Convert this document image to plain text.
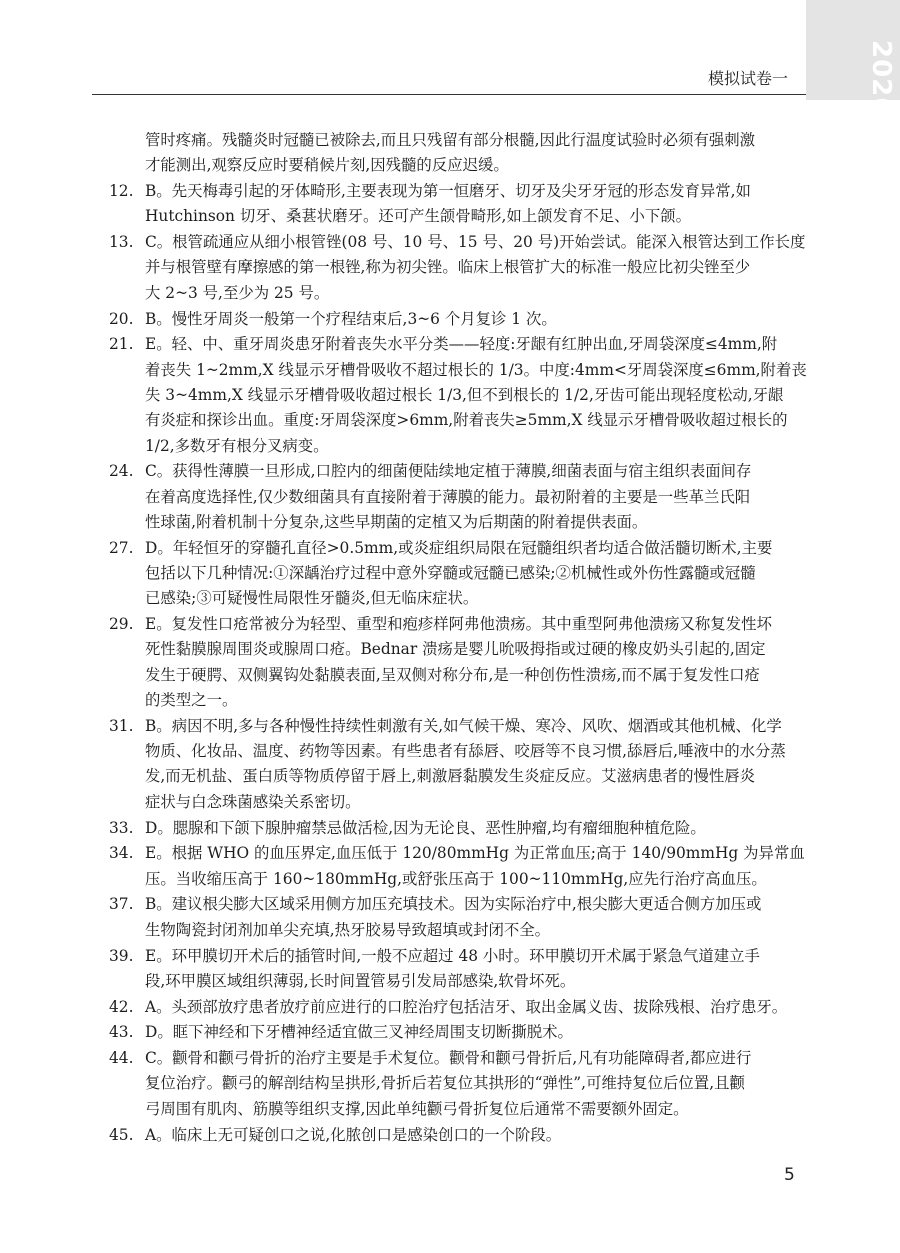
2026
模拟试卷一
管时疼痛。残髓炎时冠髓已被除去,而且只残留有部分根髓,因此行温度试验时必须有强刺激
才能测出,观察反应时要稍候片刻,因残髓的反应迟缓。
12. B。先天梅毒引起的牙体畸形,主要表现为第一恒磨牙、切牙及尖牙牙冠的形态发育异常,如
Hutchinson 切牙、桑葚状磨牙。还可产生颌骨畸形,如上颌发育不足、小下颌。
13. C。根管疏通应从细小根管锉(08 号、10 号、15 号、20 号)开始尝试。能深入根管达到工作长度
并与根管壁有摩擦感的第一根锉,称为初尖锉。临床上根管扩大的标准一般应比初尖锉至少
大 2~3 号,至少为 25 号。
20. B。慢性牙周炎一般第一个疗程结束后,3~6 个月复诊 1 次。
21. E。轻、中、重牙周炎患牙附着丧失水平分类——轻度:牙龈有红肿出血,牙周袋深度≤4mm,附
着丧失 1~2mm,X 线显示牙槽骨吸收不超过根长的 1/3。中度:4mm<牙周袋深度≤6mm,附着丧
失 3~4mm,X 线显示牙槽骨吸收超过根长 1/3,但不到根长的 1/2,牙齿可能出现轻度松动,牙龈
有炎症和探诊出血。重度:牙周袋深度>6mm,附着丧失≥5mm,X 线显示牙槽骨吸收超过根长的
1/2,多数牙有根分叉病变。
24. C。获得性薄膜一旦形成,口腔内的细菌便陆续地定植于薄膜,细菌表面与宿主组织表面间存
在着高度选择性,仅少数细菌具有直接附着于薄膜的能力。最初附着的主要是一些革兰氏阳
性球菌,附着机制十分复杂,这些早期菌的定植又为后期菌的附着提供表面。
27. D。年轻恒牙的穿髓孔直径>0.5mm,或炎症组织局限在冠髓组织者均适合做活髓切断术,主要
包括以下几种情况:①深龋治疗过程中意外穿髓或冠髓已感染;②机械性或外伤性露髓或冠髓
已感染;③可疑慢性局限性牙髓炎,但无临床症状。
29. E。复发性口疮常被分为轻型、重型和疱疹样阿弗他溃疡。其中重型阿弗他溃疡又称复发性坏
死性黏膜腺周围炎或腺周口疮。Bednar 溃疡是婴儿吮吸拇指或过硬的橡皮奶头引起的,固定
发生于硬腭、双侧翼钩处黏膜表面,呈双侧对称分布,是一种创伤性溃疡,而不属于复发性口疮
的类型之一。
31. B。病因不明,多与各种慢性持续性刺激有关,如气候干燥、寒冷、风吹、烟酒或其他机械、化学
物质、化妆品、温度、药物等因素。有些患者有舔唇、咬唇等不良习惯,舔唇后,唾液中的水分蒸
发,而无机盐、蛋白质等物质停留于唇上,刺激唇黏膜发生炎症反应。艾滋病患者的慢性唇炎
症状与白念珠菌感染关系密切。
33. D。腮腺和下颌下腺肿瘤禁忌做活检,因为无论良、恶性肿瘤,均有瘤细胞种植危险。
34. E。根据 WHO 的血压界定,血压低于 120/80mmHg 为正常血压;高于 140/90mmHg 为异常血
压。当收缩压高于 160~180mmHg,或舒张压高于 100~110mmHg,应先行治疗高血压。
37. B。建议根尖膨大区域采用侧方加压充填技术。因为实际治疗中,根尖膨大更适合侧方加压或
生物陶瓷封闭剂加单尖充填,热牙胶易导致超填或封闭不全。
39. E。环甲膜切开术后的插管时间,一般不应超过 48 小时。环甲膜切开术属于紧急气道建立手
段,环甲膜区域组织薄弱,长时间置管易引发局部感染,软骨坏死。
42. A。头颈部放疗患者放疗前应进行的口腔治疗包括洁牙、取出金属义齿、拔除残根、治疗患牙。
43. D。眶下神经和下牙槽神经适宜做三叉神经周围支切断撕脱术。
44. C。颧骨和颧弓骨折的治疗主要是手术复位。颧骨和颧弓骨折后,凡有功能障碍者,都应进行
复位治疗。颧弓的解剖结构呈拱形,骨折后若复位其拱形的“弹性”,可维持复位后位置,且颧
弓周围有肌肉、筋膜等组织支撑,因此单纯颧弓骨折复位后通常不需要额外固定。
45. A。临床上无可疑创口之说,化脓创口是感染创口的一个阶段。
5
